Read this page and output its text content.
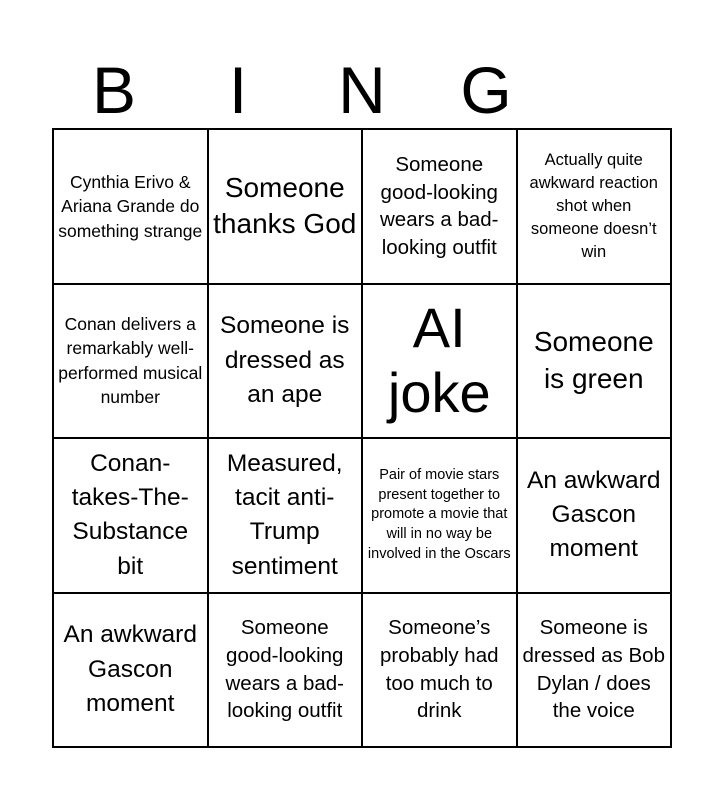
B	I	N	G
Cynthia Erivo & Ariana Grande do something strange
Someone thanks God
Someone good-looking wears a bad-looking outfit
Actually quite awkward reaction shot when someone doesn’t win
Conan delivers a remarkably well-performed musical number
Someone is dressed as an ape
AI joke
Someone is green
Conan-takes-The-Substance bit
Measured, tacit anti-Trump sentiment
Pair of movie stars present together to promote a movie that will in no way be involved in the Oscars
An awkward Gascon moment
An awkward Gascon moment
Someone good-looking wears a bad-looking outfit
Someone’s probably had too much to drink
Someone is dressed as Bob Dylan / does the voice
